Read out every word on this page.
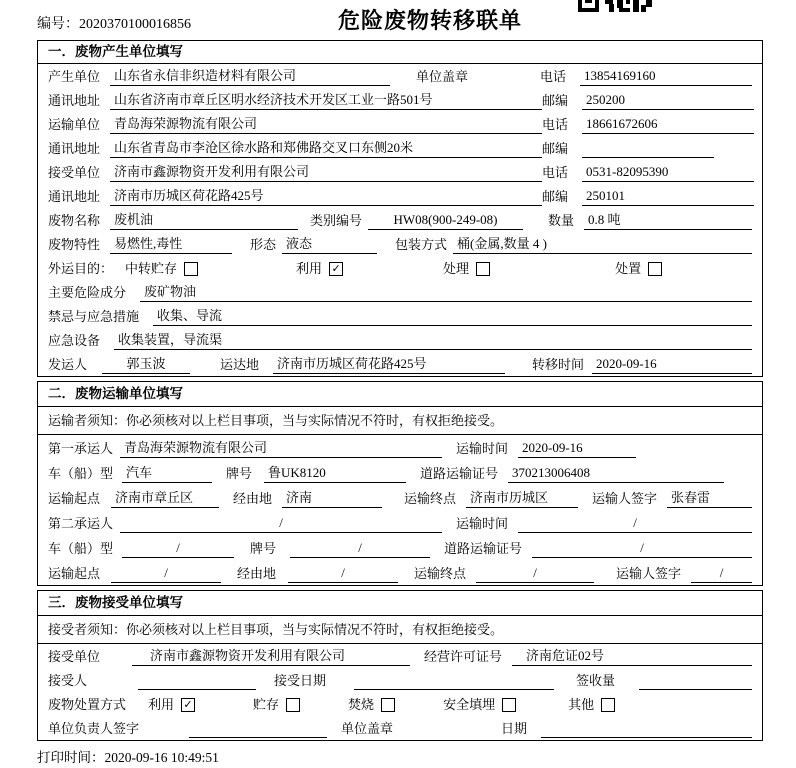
编号：2020370100016856	危险废物转移联单
一．废物产生单位填写
产生单位	山东省永信非织造材料有限公司	单位盖章	电话	13854169160
通讯地址	山东省济南市章丘区明水经济技术开发区工业一路501号	邮编	250200
运输单位	青岛海荣源物流有限公司	电话	18661672606
通讯地址	山东省青岛市李沧区徐水路和郑佛路交叉口东侧20米	邮编
接受单位	济南市鑫源物资开发利用有限公司	电话	0531-82095390
通讯地址	济南市历城区荷花路425号	邮编	250101
废物名称	废机油	类别编号	HW08(900-249-08)	数量	0.8 吨
废物特性	易燃性,毒性	形态 液态	包装方式 桶(金属,数量 4 )
外运目的： 中转贮存	利用 ✓	处理	处置
主要危险成分	废矿物油
禁忌与应急措施	收集、导流
应急设备	收集装置，导流渠
发运人	郭玉波	运达地	济南市历城区荷花路425号	转移时间 2020-09-16
二．废物运输单位填写
运输者须知：你必须核对以上栏目事项，当与实际情况不符时，有权拒绝接受。
第一承运人 青岛海荣源物流有限公司	运输时间	2020-09-16
车（船）型 汽车	牌号	鲁UK8120	道路运输证号	370213006408
运输起点	济南市章丘区	经由地	济南	运输终点	济南市历城区	运输人签字	张春雷
第二承运人	/	运输时间	/
车（船）型	/	牌号	/	道路运输证号	/
运输起点	/	经由地	/	运输终点	/	运输人签字	/
三．废物接受单位填写
接受者须知：你必须核对以上栏目事项，当与实际情况不符时，有权拒绝接受。
接受单位	济南市鑫源物资开发利用有限公司	经营许可证号	济南危证02号
接受人	接受日期	签收量
废物处置方式 利用 ✓	贮存	焚烧	安全填埋	其他
单位负责人签字	单位盖章	日期
打印时间：2020-09-16 10:49:51
